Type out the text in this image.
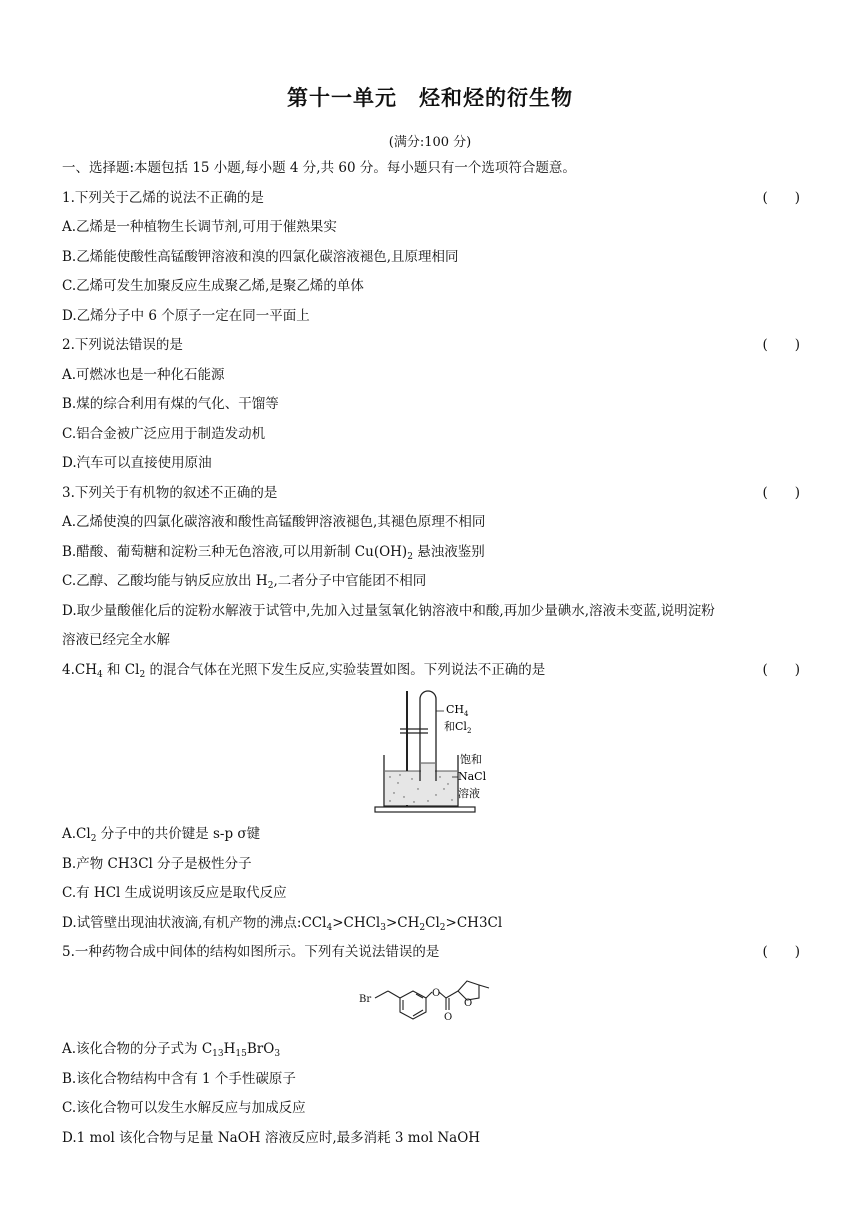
第十一单元　烃和烃的衍生物
(满分:100 分)
一、选择题:本题包括 15 小题,每小题 4 分,共 60 分。每小题只有一个选项符合题意。
1.下列关于乙烯的说法不正确的是	(　　)
A.乙烯是一种植物生长调节剂,可用于催熟果实
B.乙烯能使酸性高锰酸钾溶液和溴的四氯化碳溶液褪色,且原理相同
C.乙烯可发生加聚反应生成聚乙烯,是聚乙烯的单体
D.乙烯分子中 6 个原子一定在同一平面上
2.下列说法错误的是	(　　)
A.可燃冰也是一种化石能源
B.煤的综合利用有煤的气化、干馏等
C.铝合金被广泛应用于制造发动机
D.汽车可以直接使用原油
3.下列关于有机物的叙述不正确的是	(　　)
A.乙烯使溴的四氯化碳溶液和酸性高锰酸钾溶液褪色,其褪色原理不相同
B.醋酸、葡萄糖和淀粉三种无色溶液,可以用新制 $Cu(OH)_2$ 悬浊液鉴别
C.乙醇、乙酸均能与钠反应放出 $H_2$,二者分子中官能团不相同
D.取少量酸催化后的淀粉水解液于试管中,先加入过量氢氧化钠溶液中和酸,再加少量碘水,溶液未变蓝,说明淀粉
溶液已经完全水解
$4.CH_4$ 和 $Cl_2$ 的混合气体在光照下发生反应,实验装置如图。下列说法不正确的是	(　　)
$CH_4$
和$Cl_2$
饱和
NaCl
溶液
$A.Cl_2$ 分子中的共价键是 s-p σ键
B.产物 CH3Cl 分子是极性分子
C.有 HCl 生成说明该反应是取代反应
D.试管壁出现油状液滴,有机产物的沸点$:CCl_4>CHCl_3>CH_2Cl_2>CH3Cl$
5.一种药物合成中间体的结构如图所示。下列有关说法错误的是	(　　)
Br
O
O
O
A.该化合物的分子式为 $C_{13}H_{15}BrO_3$
B.该化合物结构中含有 1 个手性碳原子
C.该化合物可以发生水解反应与加成反应
D.1 mol 该化合物与足量 NaOH 溶液反应时,最多消耗 3 mol NaOH
